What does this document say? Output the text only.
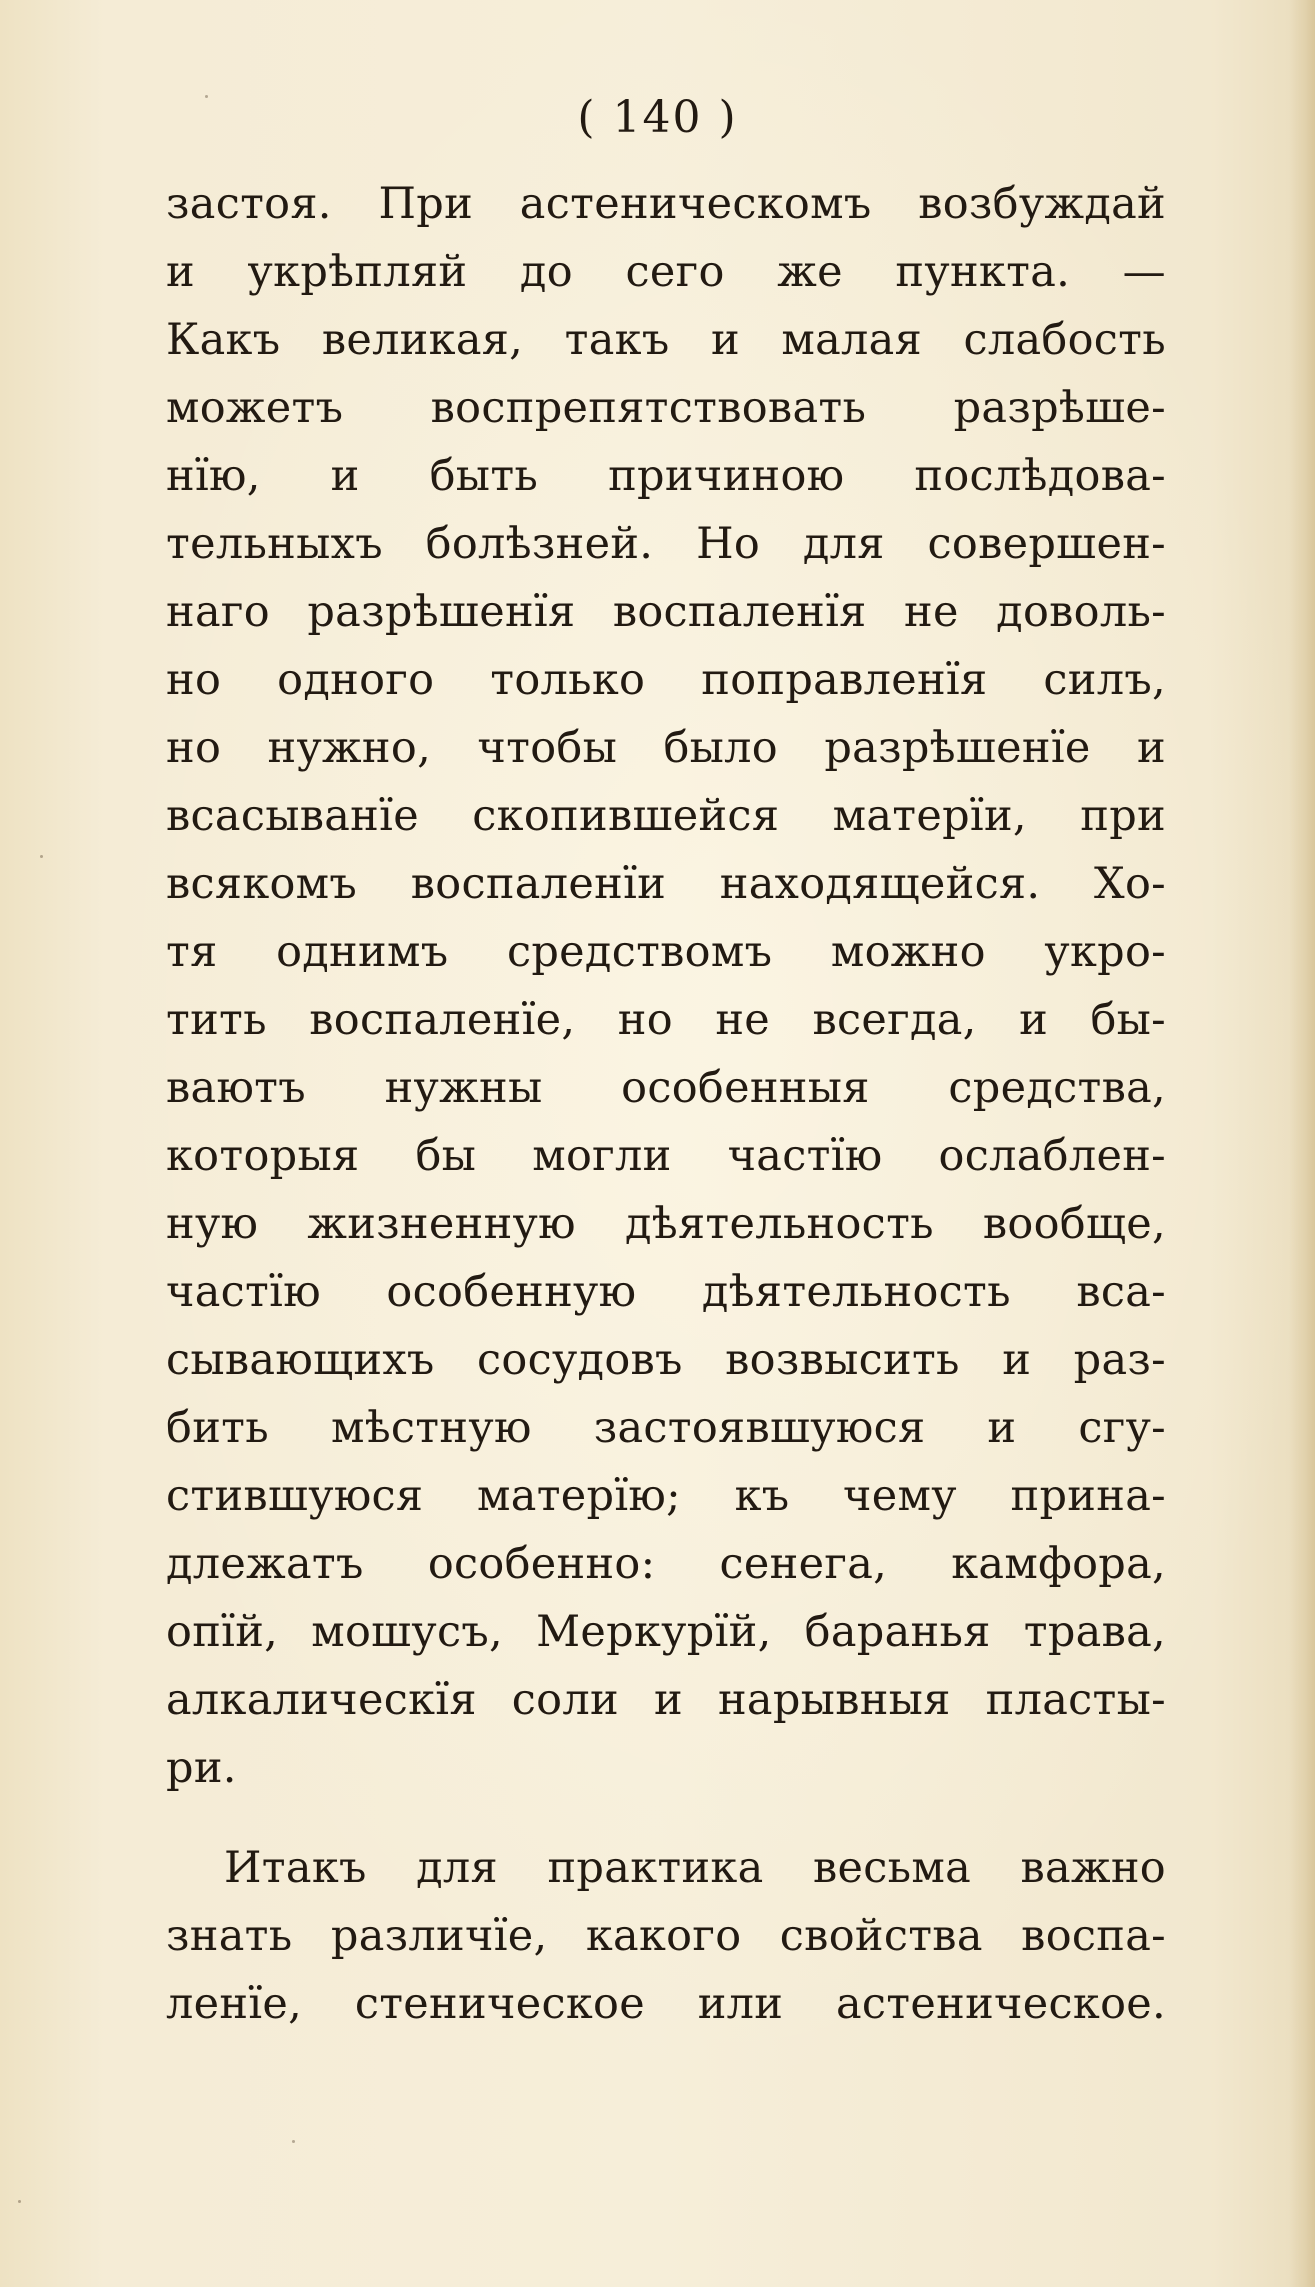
( 140 )
застоя. При астеническомъ возбуждай
и укрѣпляй до сего же пункта. —
Какъ великая, такъ и малая слабость
можетъ воспрепятствовать разрѣше-
нїю, и быть причиною послѣдова-
тельныхъ болѣзней. Но для совершен-
наго разрѣшенїя воспаленїя не доволь-
но одного только поправленїя силъ,
но нужно, чтобы было разрѣшенїе и
всасыванїе скопившейся матерїи, при
всякомъ воспаленїи находящейся. Хо-
тя однимъ средствомъ можно укро-
тить воспаленїе, но не всегда, и бы-
ваютъ нужны особенныя средства,
которыя бы могли частїю ослаблен-
ную жизненную дѣятельность вообще,
частїю особенную дѣятельность вса-
сывающихъ сосудовъ возвысить и раз-
бить мѣстную застоявшуюся и сгу-
стившуюся матерїю; къ чему прина-
длежатъ особенно: сенега, камфора,
опїй, мошусъ, Меркурїй, баранья трава,
алкалическїя соли и нарывныя пласты-
ри.
Итакъ для практика весьма важно
знать различїе, какого свойства воспа-
ленїе, стеническое или астеническое.
